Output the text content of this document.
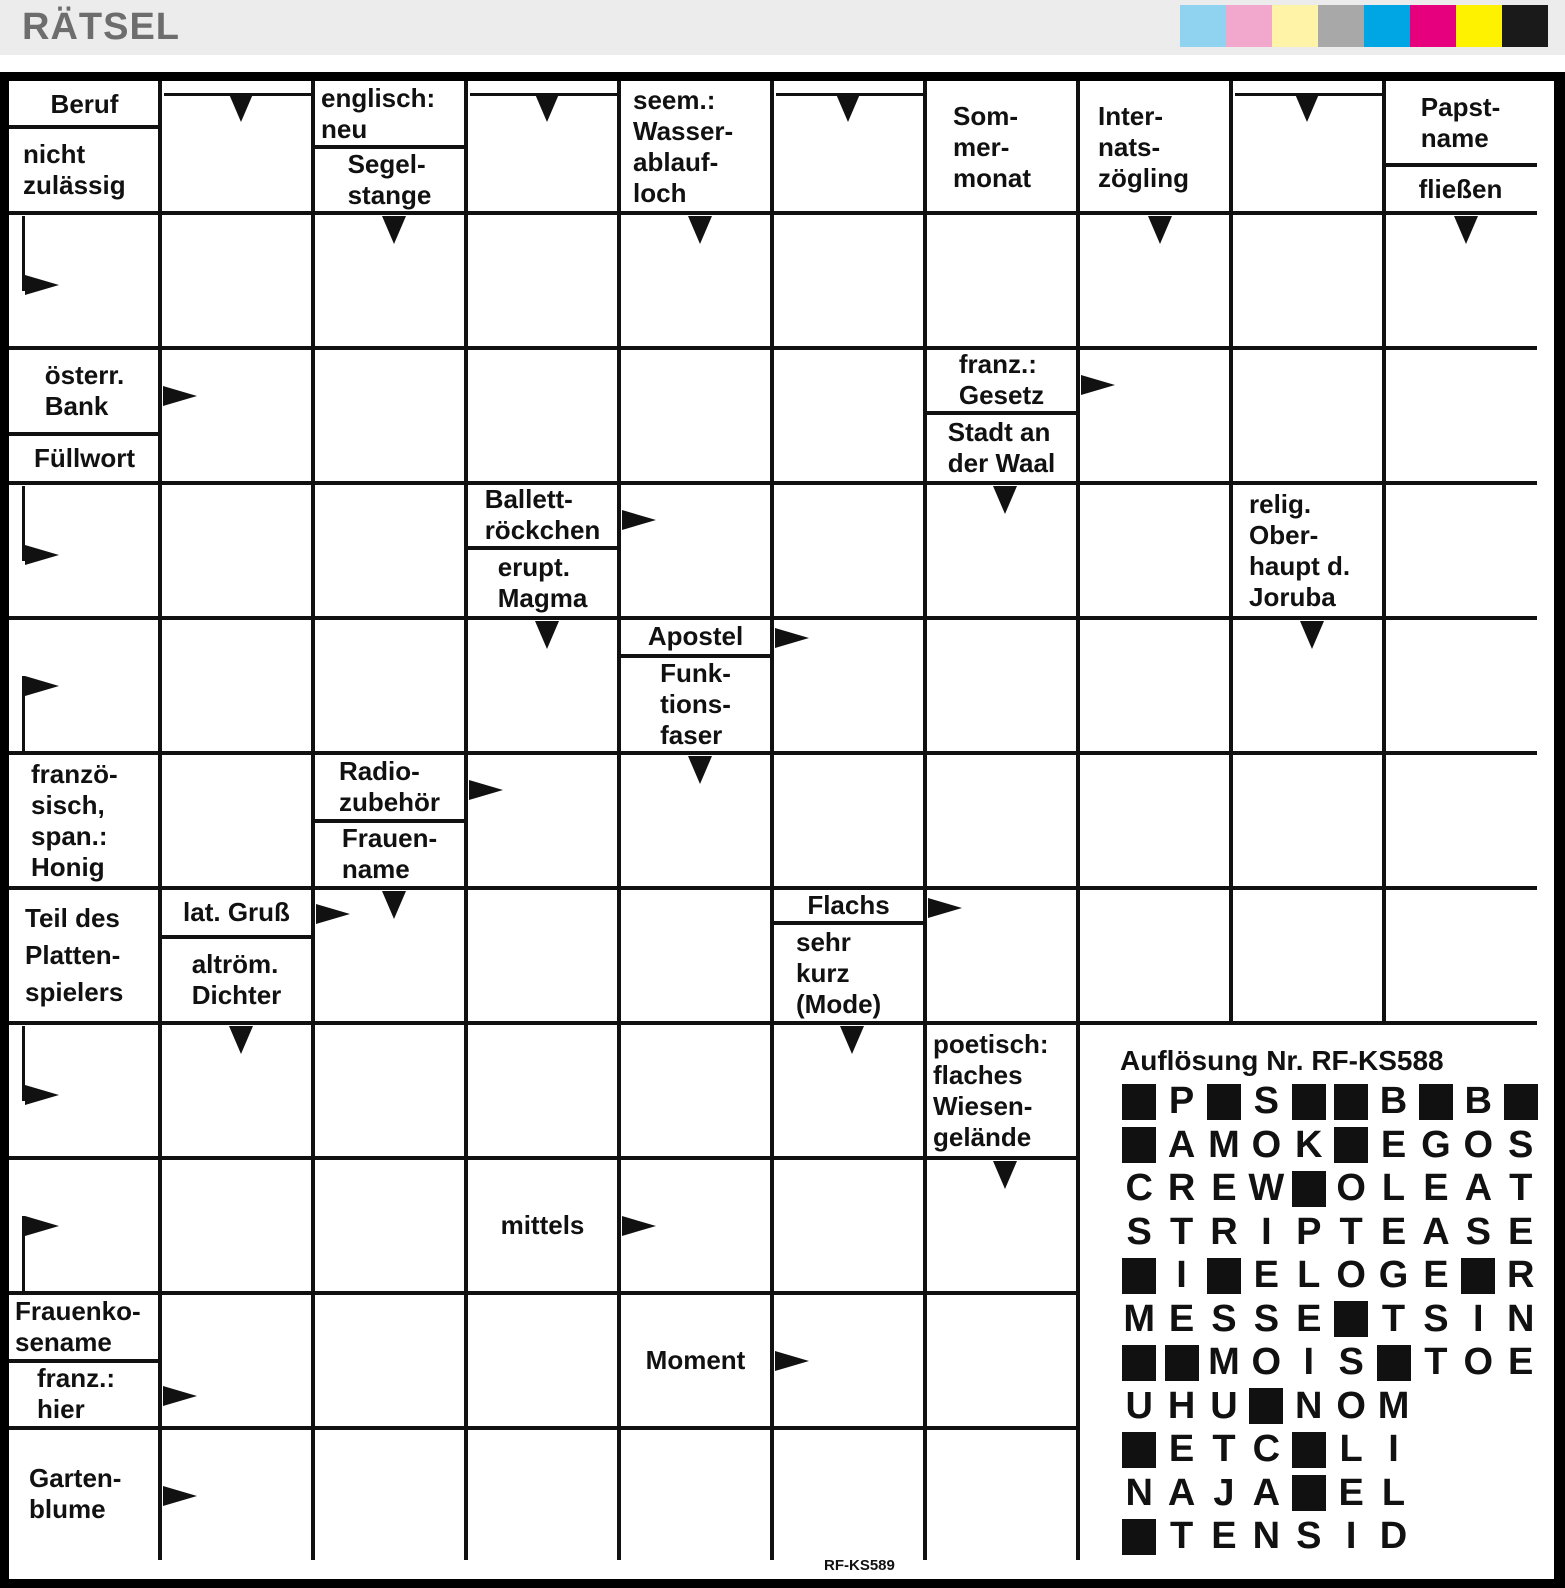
RÄTSEL
Auflösung Nr. RF-KS588
P S	B B
A M O K E G O S
C R E W O L E A T
S T R I P T E A S E
I	E L O G E R
M E S S E T S I N
M O I S T O E
U H U N O M
E T C L I
N A J A E L
T E N S I D
RF-KS589
Beruf
nicht
zulässig
englisch:
neu
Segel-
stange
seem.:
Wasser-
ablauf-
loch
Som-
mer-
monat
Inter-
nats-
zögling
Papst-
name
fließen
österr.
Bank
Füllwort
franz.:
Gesetz
Stadt an
der Waal
Ballett-
röckchen
erupt.
Magma
relig.
Ober-
haupt d.
Joruba
Apostel
Funk-
tions-
faser
franzö-
sisch,
span.:
Honig
Radio-
zubehör
Frauen-
name
Teil des
Platten-
spielers
lat. Gruß
altröm.
Dichter
Flachs
sehr
kurz
(Mode)
poetisch:
flaches
Wiesen-
gelände
mittels
Frauenko-
sename
franz.:
hier
Moment
Garten-
blume
